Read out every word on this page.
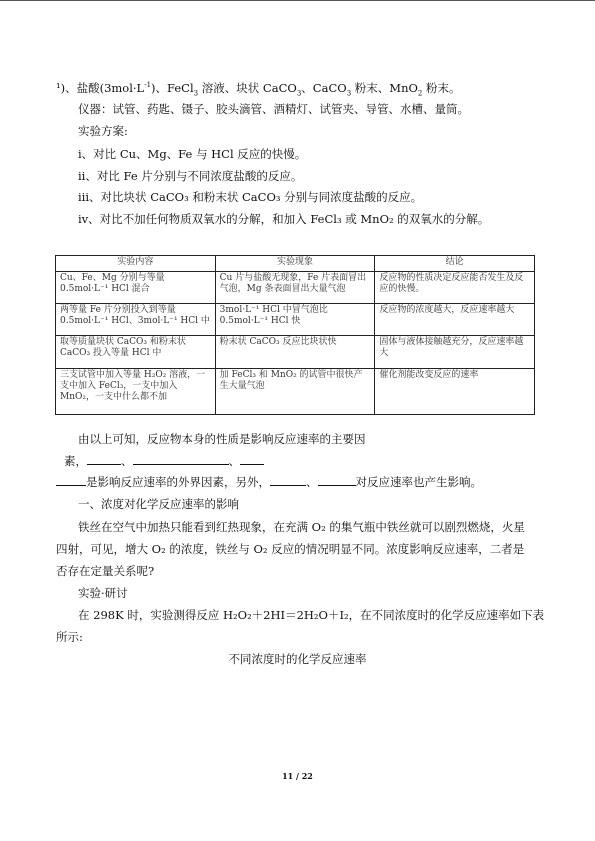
¹)、盐酸$(3mol\cdot L^{-1})$、FeCl$_3$ 溶液、块状 CaCO$_3$、CaCO$_3$ 粉末、MnO$_2$ 粉末。
仪器：试管、药匙、镊子、胶头滴管、酒精灯、试管夹、导管、水槽、量筒。
实验方案:
ⅰ、对比 Cu、Mg、Fe 与 HCl 反应的快慢。
ⅱ、对比 Fe 片分别与不同浓度盐酸的反应。
ⅲ、对比块状 CaCO₃ 和粉末状 CaCO₃ 分别与同浓度盐酸的反应。
ⅳ、对比不加任何物质双氧水的分解，和加入 FeCl₃ 或 MnO₂ 的双氧水的分解。
实验内容	实验现象	结论
Cu、Fe、Mg 分别与等量 0.5mol·L⁻¹ HCl 混合	Cu 片与盐酸无现象，Fe 片表面冒出气泡，Mg 条表面冒出大量气泡	反应物的性质决定反应能否发生及反应的快慢。
两等量 Fe 片分别投入到等量 0.5mol·L⁻¹ HCl、3mol·L⁻¹ HCl 中	3mol·L⁻¹ HCl 中冒气泡比 0.5mol·L⁻¹ HCl 快	反应物的浓度越大，反应速率越大
取等质量块状 CaCO₃ 和粉末状 CaCO₃ 投入等量 HCl 中	粉末状 CaCO₃ 反应比块状快	固体与液体接触越充分，反应速率越大
三支试管中加入等量 H₂O₂ 溶液，一支中加入 FeCl₃，一支中加入 MnO₂，一支中什么都不加	加 FeCl₃ 和 MnO₂ 的试管中很快产生大量气泡	催化剂能改变反应的速率
由以上可知，反应物本身的性质是影响反应速率的主要因
素，	、	、
是影响反应速率的外界因素，另外，	、	对反应速率也产生影响。
一、浓度对化学反应速率的影响
铁丝在空气中加热只能看到红热现象，在充满 O₂ 的集气瓶中铁丝就可以剧烈燃烧，火星
四射，可见，增大 O₂ 的浓度，铁丝与 O₂ 反应的情况明显不同。浓度影响反应速率，二者是
否存在定量关系呢?
实验·研讨
在 298K 时，实验测得反应 H₂O₂＋2HI＝2H₂O＋I₂，在不同浓度时的化学反应速率如下表
所示:
不同浓度时的化学反应速率
11 / 22
